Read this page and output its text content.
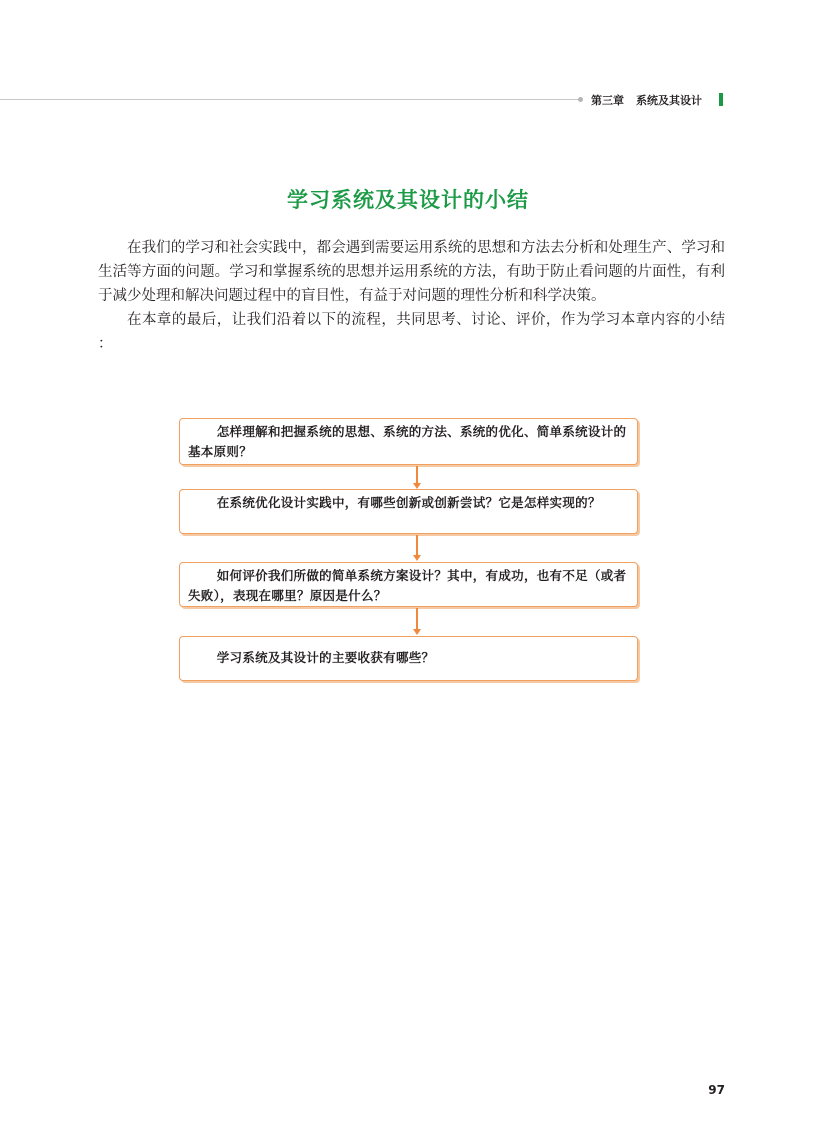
第三章 系统及其设计
学习系统及其设计的小结

在我们的学习和社会实践中，都会遇到需要运用系统的思想和方法去分析和处理生产、学习和生活等方面的问题。学习和掌握系统的思想并运用系统的方法，有助于防止看问题的片面性，有利于减少处理和解决问题过程中的盲目性，有益于对问题的理性分析和科学决策。

在本章的最后，让我们沿着以下的流程，共同思考、讨论、评价，作为学习本章内容的小结 ：

怎样理解和把握系统的思想、系统的方法、系统的优化、简单系统设计的基本原则？
在系统优化设计实践中，有哪些创新或创新尝试？它是怎样实现的？
如何评价我们所做的简单系统方案设计？其中，有成功，也有不足（或者失败），表现在哪里？原因是什么？
学习系统及其设计的主要收获有哪些？
97
